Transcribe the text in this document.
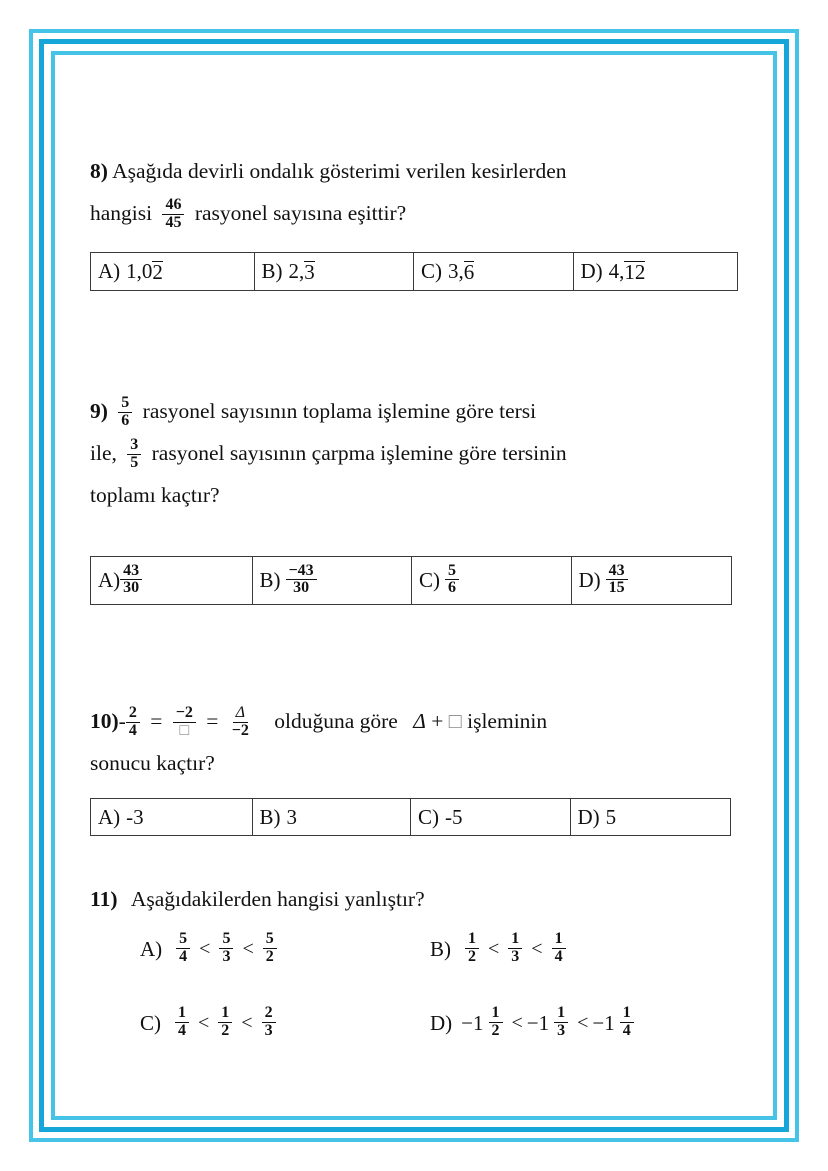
8) Aşağıda devirli ondalık gösterimi verilen kesirlerden
hangisi $\frac{46}{45}$ rasyonel sayısına eşittir?
A) 1,0 2	B) 2, 3	C) 3, 6	D) 4, 12
$9) \frac{5}{6}$ rasyonel sayısının toplama işlemine göre tersi
ile, $\frac{3}{5}$ rasyonel sayısının çarpma işlemine göre tersinin
toplamı kaçtır?
$A) \frac{43}{30}$	$B) \frac{-43}{30}$	$C) \frac{5}{6}$	$D) \frac{43}{15}$
$10)- \frac{2}{4} = \frac{-2}{□} = \frac{\Delta}{-2}$ olduğuna göre Δ + □ işleminin
sonucu kaçtır?
A) -3	B) 3	C) -5	D) 5
11) Aşağıdakilerden hangisi yanlıştır?
$A) \frac{5}{4} < \frac{5}{3} < \frac{5}{2}$	$B) \frac{1}{2} < \frac{1}{3} < \frac{1}{4}$
$C) \frac{1}{4} < \frac{1}{2} < \frac{2}{3}$	$D) -1 \frac{1}{2} < -1 \frac{1}{3} < -1 \frac{1}{4}$
